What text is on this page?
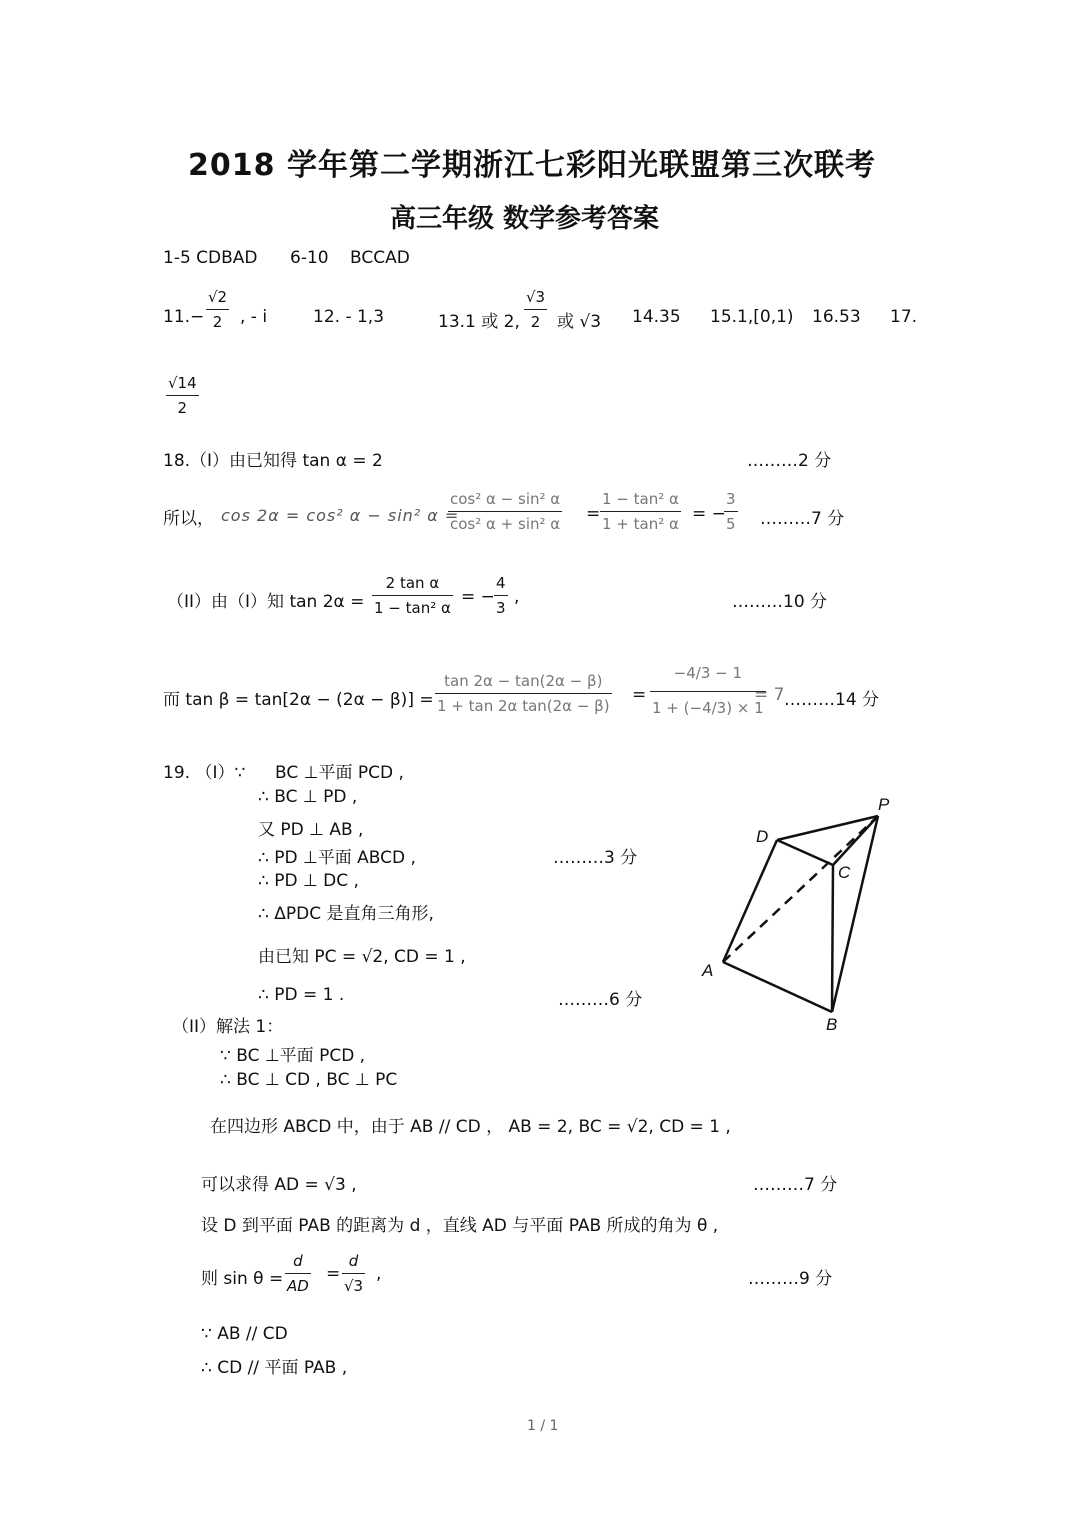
2018 学年第二学期浙江七彩阳光联盟第三次联考
高三年级 数学参考答案
1-5 CDBAD 6-10 BCCAD
11.−
√2
2 , - i	12. - 1,3	13.1 或 2,
√3
2 或 √3 14.35 15.1,[0,1) 16.53 17.
√14
2
18.（I）由已知得 tan α = 2	………2 分
所以， cos 2α = cos² α − sin² α =
cos² α − sin² α
cos² α + sin² α =
1 − tan² α
1 + tan² α = −
3
5 ………7 分
（II）由（I）知 tan 2α =
2 tan α
1 − tan² α
= −
4
3
,	………10 分
而 tan β = tan[2α − (2α − β)] =
tan 2α − tan(2α − β)
1 + tan 2α tan(2α − β)
=
−4/3 − 1
1 + (−4/3) × 1
= 7 ………14 分
19. （I）∵ BC ⊥平面 PCD ,
∴ BC ⊥ PD ,
又 PD ⊥ AB ,
∴ PD ⊥平面 ABCD ,	………3 分
∴ PD ⊥ DC ,
∴ ΔPDC 是直角三角形,
由已知 PC = √2, CD = 1 ,
∴ PD = 1 .	………6 分
（II）解法 1：
∵ BC ⊥平面 PCD ,
∴ BC ⊥ CD , BC ⊥ PC
在四边形 ABCD 中，由于 AB // CD ， AB = 2, BC = √2, CD = 1 ,
可以求得 AD = √3 ,	………7 分
设 D 到平面 PAB 的距离为 d ，直线 AD 与平面 PAB 所成的角为 θ ,
则 sin θ =
d
AD
=
d
√3
,	………9 分
∵ AB // CD
∴ CD // 平面 PAB ,
P
D
C
A
B
1 / 1
